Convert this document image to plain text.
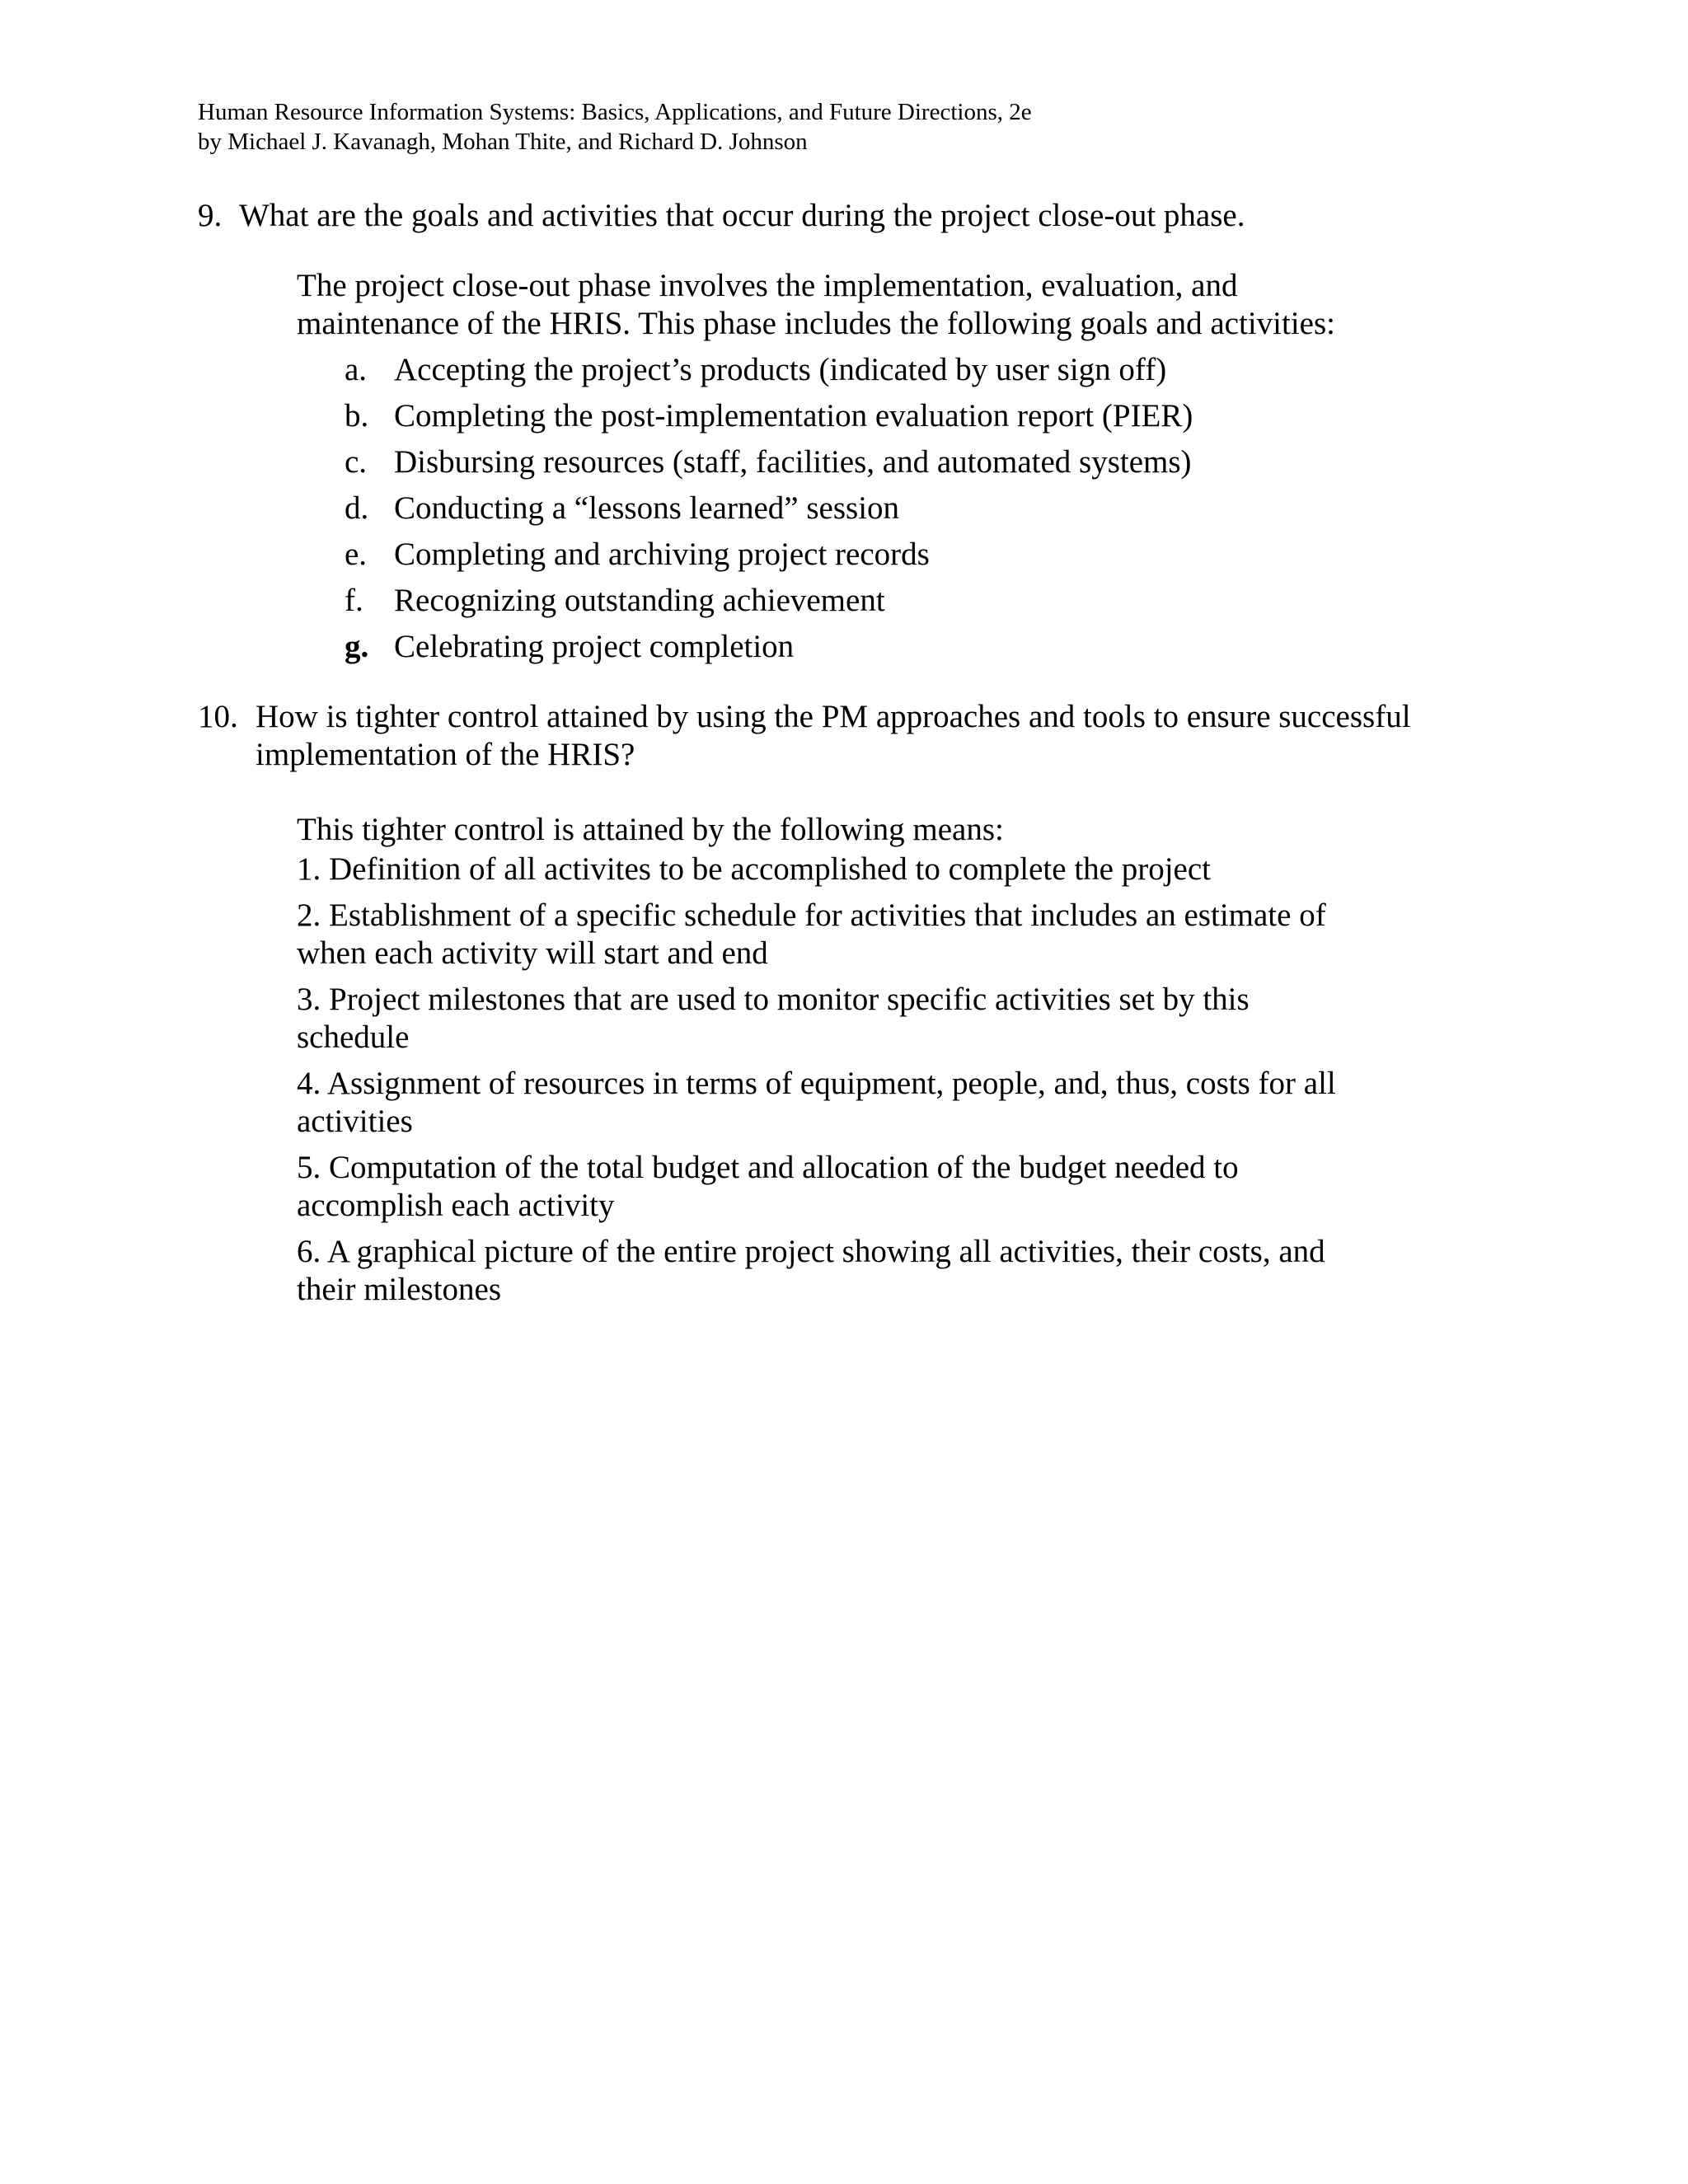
Human Resource Information Systems: Basics, Applications, and Future Directions, 2e
by Michael J. Kavanagh, Mohan Thite, and Richard D. Johnson
9. What are the goals and activities that occur during the project close-out phase.
The project close-out phase involves the implementation, evaluation, and
maintenance of the HRIS. This phase includes the following goals and activities:
a. Accepting the project’s products (indicated by user sign off)
b. Completing the post-implementation evaluation report (PIER)
c. Disbursing resources (staff, facilities, and automated systems)
d. Conducting a “lessons learned” session
e. Completing and archiving project records
f. Recognizing outstanding achievement
g. Celebrating project completion
10. How is tighter control attained by using the PM approaches and tools to ensure successful
implementation of the HRIS?
This tighter control is attained by the following means:
1. Definition of all activites to be accomplished to complete the project
2. Establishment of a specific schedule for activities that includes an estimate of
when each activity will start and end
3. Project milestones that are used to monitor specific activities set by this
schedule
4. Assignment of resources in terms of equipment, people, and, thus, costs for all
activities
5. Computation of the total budget and allocation of the budget needed to
accomplish each activity
6. A graphical picture of the entire project showing all activities, their costs, and
their milestones
